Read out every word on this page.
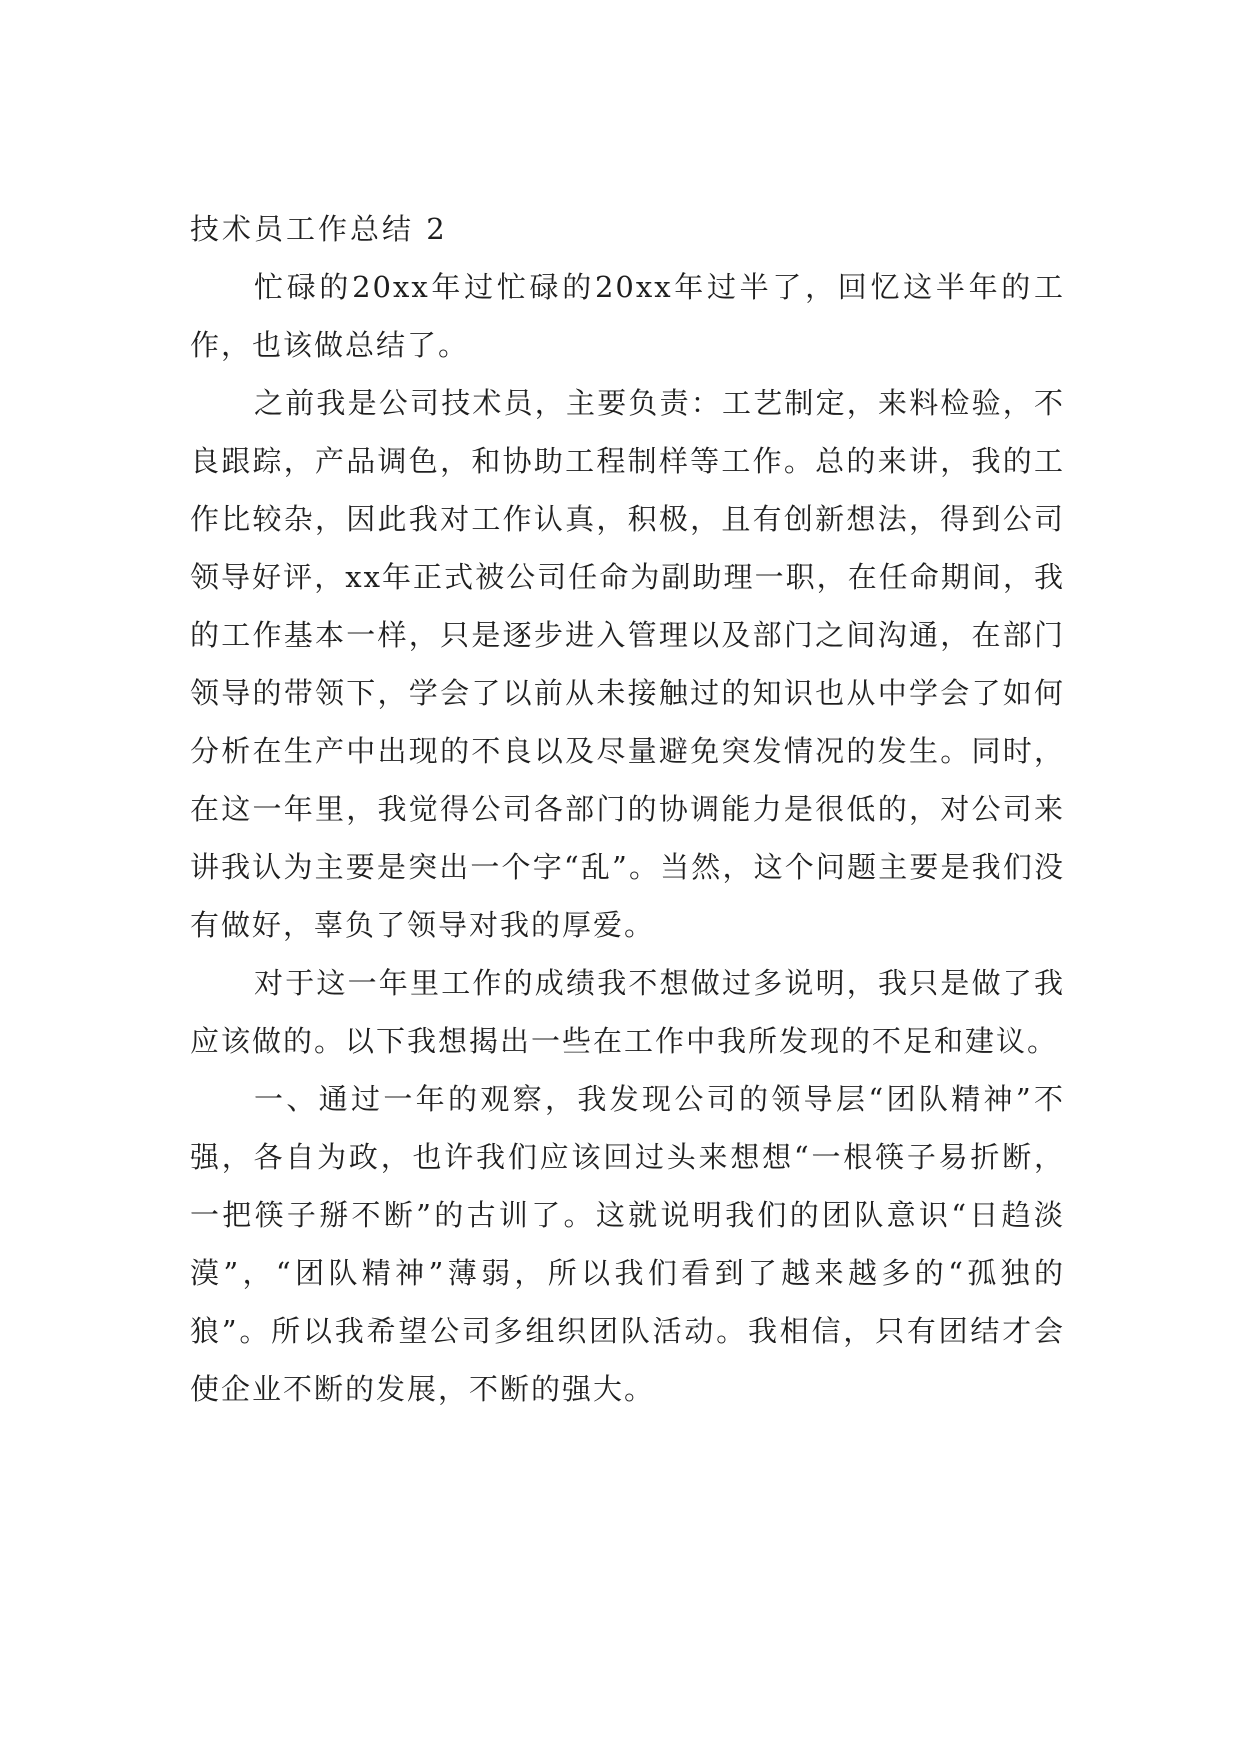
技术员工作总结 2

忙碌的20xx年过忙碌的20xx年过半了，回忆这半年的工作，也该做总结了。

之前我是公司技术员，主要负责：工艺制定，来料检验，不良跟踪，产品调色，和协助工程制样等工作。总的来讲，我的工作比较杂，因此我对工作认真，积极，且有创新想法，得到公司领导好评，xx年正式被公司任命为副助理一职，在任命期间，我的工作基本一样，只是逐步进入管理以及部门之间沟通，在部门领导的带领下，学会了以前从未接触过的知识也从中学会了如何分析在生产中出现的不良以及尽量避免突发情况的发生。同时，在这一年里，我觉得公司各部门的协调能力是很低的，对公司来讲我认为主要是突出一个字“乱”。当然，这个问题主要是我们没有做好，辜负了领导对我的厚爱。

对于这一年里工作的成绩我不想做过多说明，我只是做了我应该做的。以下我想揭出一些在工作中我所发现的不足和建议。

一、通过一年的观察，我发现公司的领导层“团队精神”不强，各自为政，也许我们应该回过头来想想“一根筷子易折断，一把筷子掰不断”的古训了。这就说明我们的团队意识“日趋淡漠”，“团队精神”薄弱，所以我们看到了越来越多的“孤独的狼”。所以我希望公司多组织团队活动。我相信，只有团结才会使企业不断的发展，不断的强大。
